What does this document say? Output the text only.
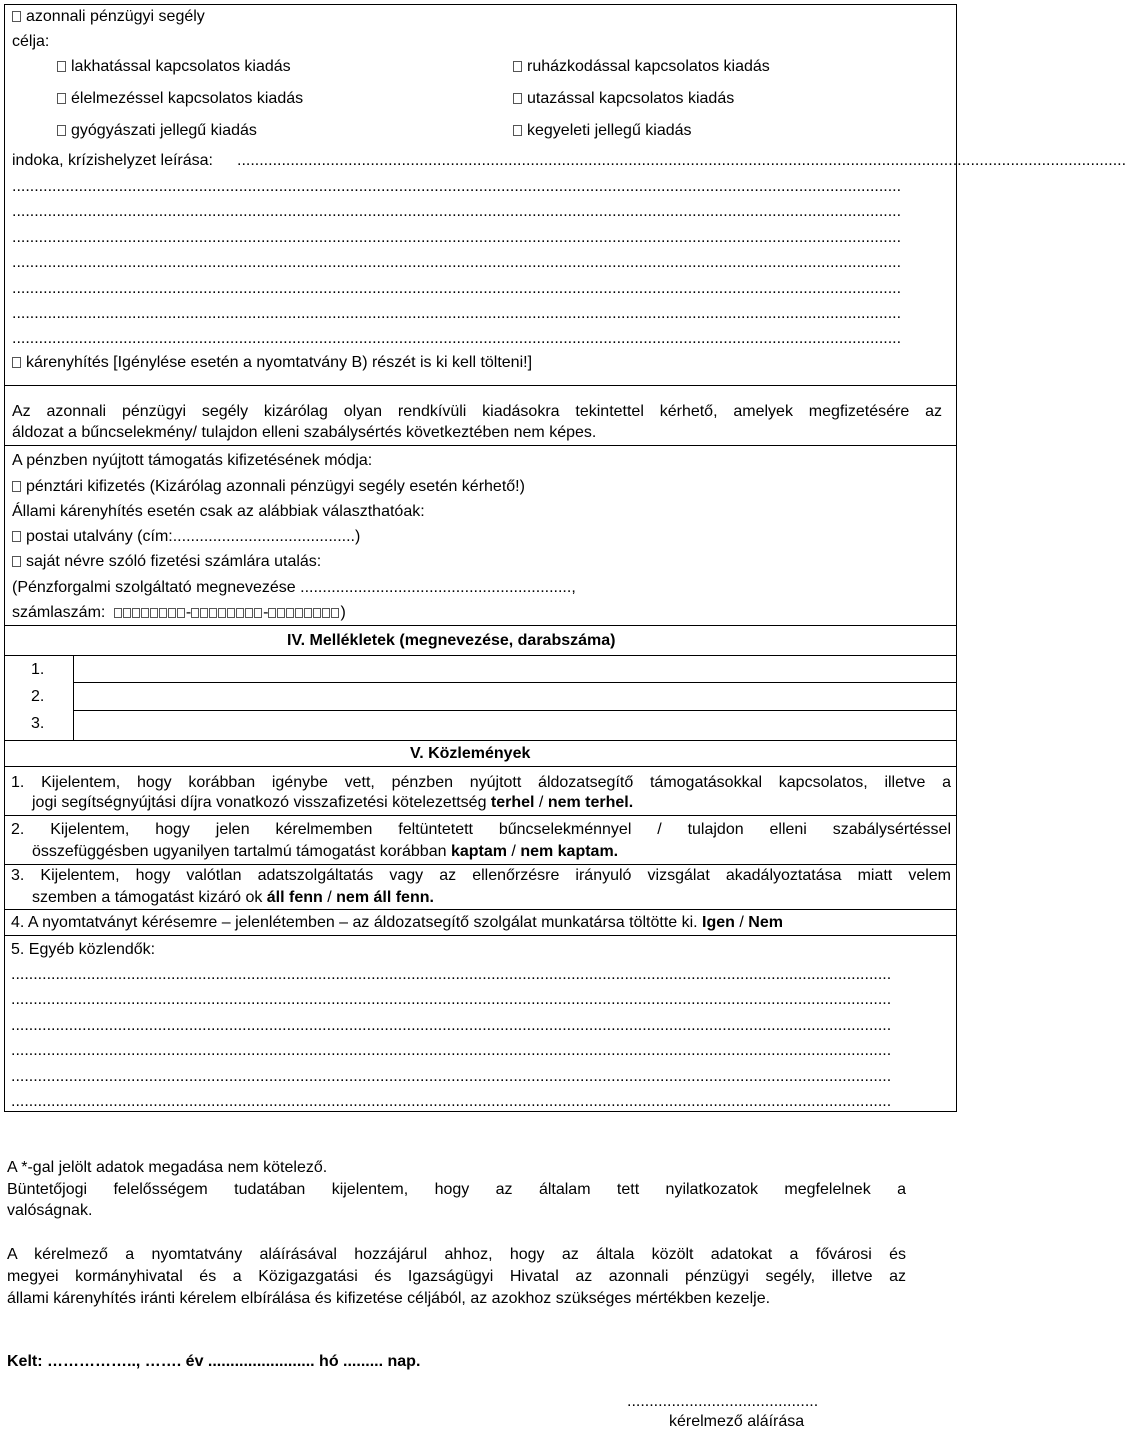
azonnali pénzügyi segély
célja:
lakhatással kapcsolatos kiadás
élelmezéssel kapcsolatos kiadás
gyógyászati jellegű kiadás
ruházkodással kapcsolatos kiadás
utazással kapcsolatos kiadás
kegyeleti jellegű kiadás
indoka, krízishelyzet leírása: ........................................................................................................................................................................................................
........................................................................................................................................................................................................
........................................................................................................................................................................................................
........................................................................................................................................................................................................
........................................................................................................................................................................................................
........................................................................................................................................................................................................
........................................................................................................................................................................................................
........................................................................................................................................................................................................
kárenyhítés [Igénylése esetén a nyomtatvány B) részét is ki kell tölteni!]
Az azonnali pénzügyi segély kizárólag olyan rendkívüli kiadásokra tekintettel kérhető, amelyek megfizetésére az
áldozat a bűncselekmény/ tulajdon elleni szabálysértés következtében nem képes.
A pénzben nyújtott támogatás kifizetésének módja:
pénztári kifizetés (Kizárólag azonnali pénzügyi segély esetén kérhető!)
Állami kárenyhítés esetén csak az alábbiak választhatóak:
postai utalvány (cím:.........................................)
saját névre szóló fizetési számlára utalás:
(Pénzforgalmi szolgáltató megnevezése .............................................................,
számlaszám:	-	-	)
IV. Mellékletek (megnevezése, darabszáma)
1.
2.
3.
V. Közlemények
1. Kijelentem, hogy korábban igénybe vett, pénzben nyújtott áldozatsegítő támogatásokkal kapcsolatos, illetve a
jogi segítségnyújtási díjra vonatkozó visszafizetési kötelezettség terhel / nem terhel.
2. Kijelentem, hogy jelen kérelmemben feltüntetett bűncselekménnyel / tulajdon elleni szabálysértéssel
összefüggésben ugyanilyen tartalmú támogatást korábban kaptam / nem kaptam.
3. Kijelentem, hogy valótlan adatszolgáltatás vagy az ellenőrzésre irányuló vizsgálat akadályoztatása miatt velem
szemben a támogatást kizáró ok áll fenn / nem áll fenn.
4. A nyomtatványt kérésemre – jelenlétemben – az áldozatsegítő szolgálat munkatársa töltötte ki. Igen / Nem
5. Egyéb közlendők:
......................................................................................................................................................................................................
......................................................................................................................................................................................................
......................................................................................................................................................................................................
......................................................................................................................................................................................................
......................................................................................................................................................................................................
......................................................................................................................................................................................................
A *-gal jelölt adatok megadása nem kötelező.
Büntetőjogi felelősségem tudatában kijelentem, hogy az általam tett nyilatkozatok megfelelnek a
valóságnak.
A kérelmező a nyomtatvány aláírásával hozzájárul ahhoz, hogy az általa közölt adatokat a fővárosi és
megyei kormányhivatal és a Közigazgatási és Igazságügyi Hivatal az azonnali pénzügyi segély, illetve az
állami kárenyhítés iránti kérelem elbírálása és kifizetése céljából, az azokhoz szükséges mértékben kezelje.
Kelt: …………….., ……. év ........................ hó ......... nap.
...........................................
kérelmező aláírása
